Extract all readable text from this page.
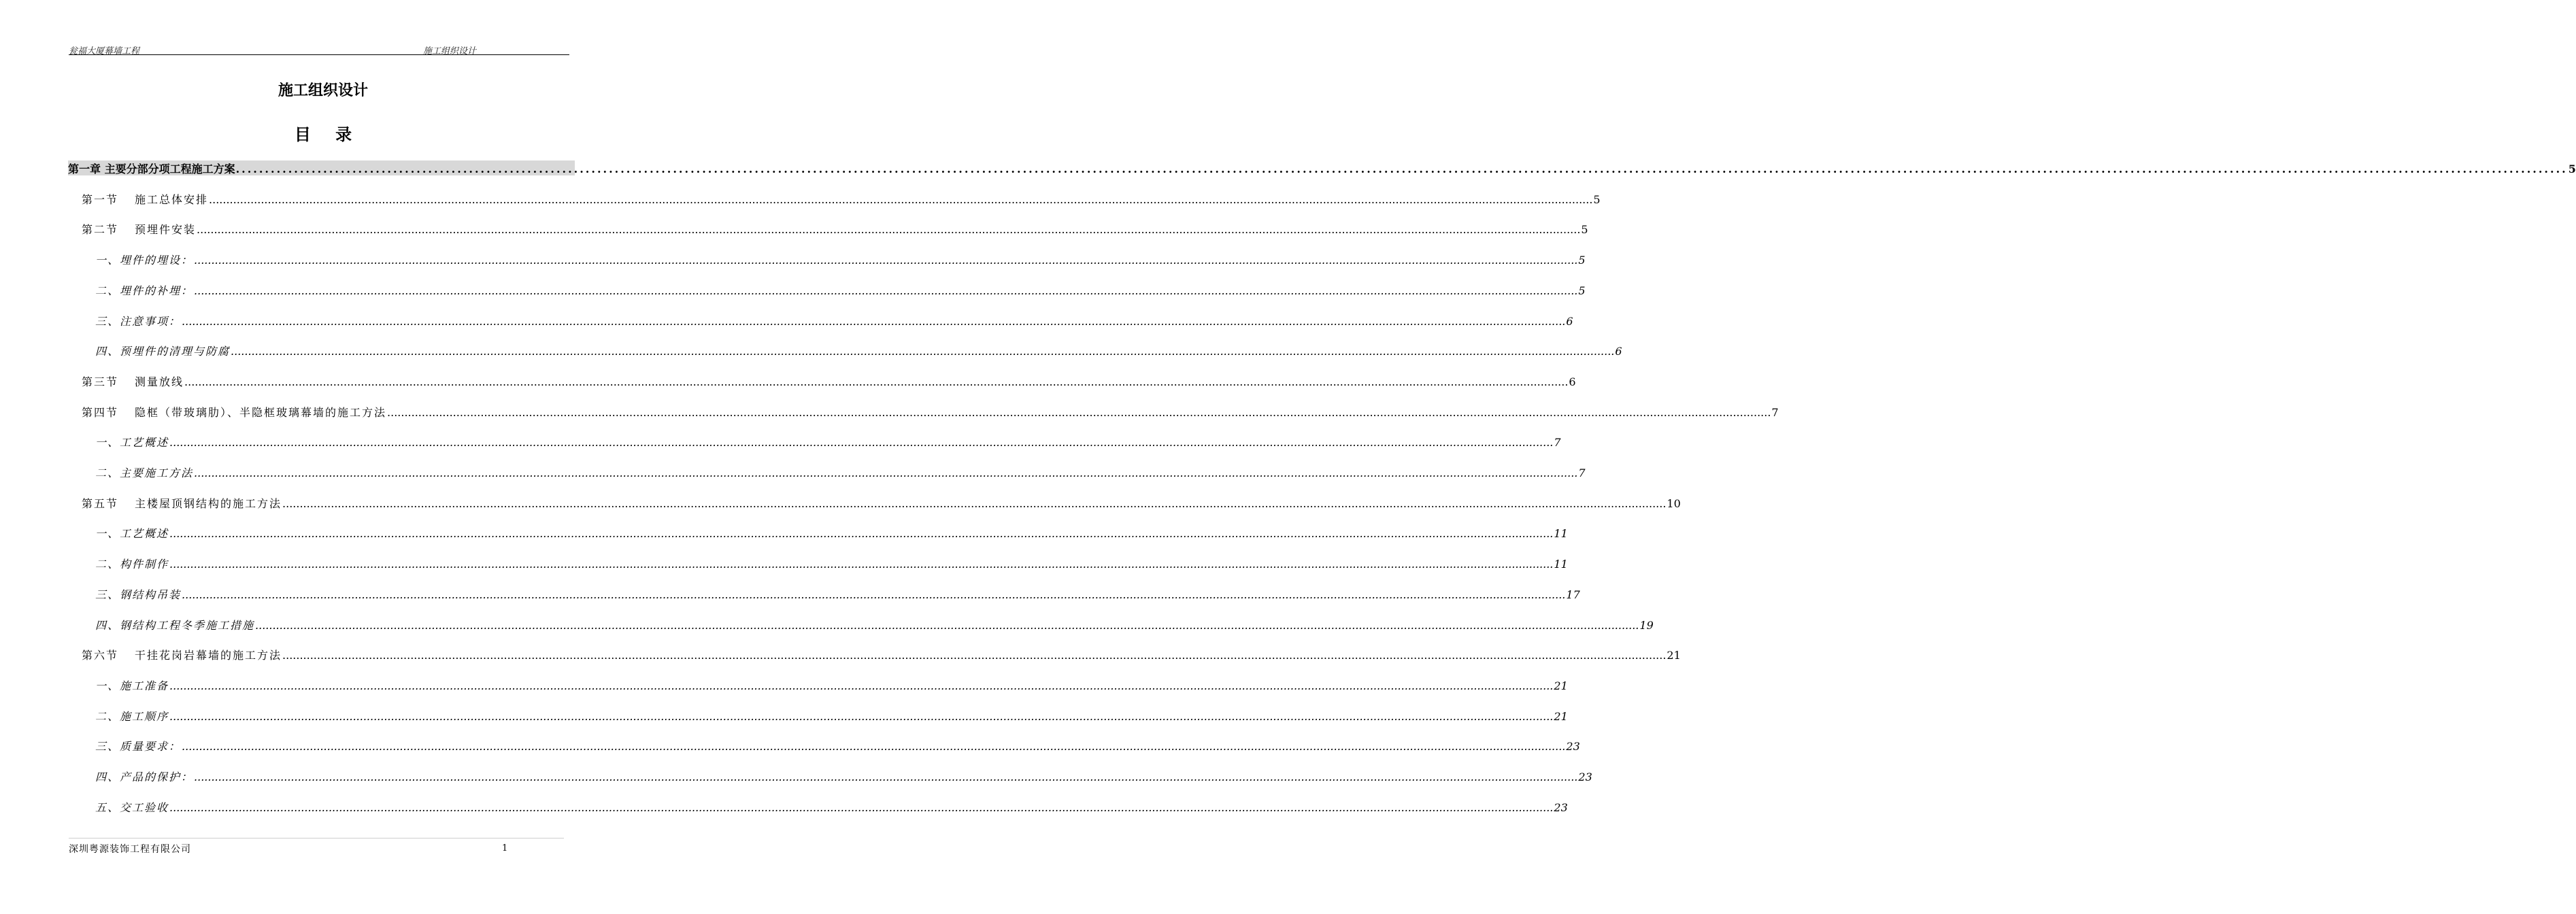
瓮福大厦幕墙工程	施工组织设计
施工组织设计
目 录
第一章 主要分部分项工程施工方案 ................................................................................................................................................................................................................................................................................................................................................................................................................ 5
第一节 施工总体安排 ................................................................................................................................................................................................................................................................................................................................................................................................................ 5
第二节 预埋件安装 ................................................................................................................................................................................................................................................................................................................................................................................................................ 5
一、埋件的埋设： ................................................................................................................................................................................................................................................................................................................................................................................................................ 5
二、埋件的补埋： ................................................................................................................................................................................................................................................................................................................................................................................................................ 5
三、注意事项： ................................................................................................................................................................................................................................................................................................................................................................................................................ 6
四、预埋件的清理与防腐 ................................................................................................................................................................................................................................................................................................................................................................................................................ 6
第三节 测量放线 ................................................................................................................................................................................................................................................................................................................................................................................................................ 6
第四节 隐框（带玻璃肋）、半隐框玻璃幕墙的施工方法 ................................................................................................................................................................................................................................................................................................................................................................................................................ 7
一、工艺概述 ................................................................................................................................................................................................................................................................................................................................................................................................................ 7
二、主要施工方法 ................................................................................................................................................................................................................................................................................................................................................................................................................ 7
第五节 主楼屋顶钢结构的施工方法 ................................................................................................................................................................................................................................................................................................................................................................................................................ 10
一、工艺概述 ................................................................................................................................................................................................................................................................................................................................................................................................................ 11
二、构件制作 ................................................................................................................................................................................................................................................................................................................................................................................................................ 11
三、钢结构吊装 ................................................................................................................................................................................................................................................................................................................................................................................................................ 17
四、钢结构工程冬季施工措施 ................................................................................................................................................................................................................................................................................................................................................................................................................ 19
第六节 干挂花岗岩幕墙的施工方法 ................................................................................................................................................................................................................................................................................................................................................................................................................ 21
一、施工准备 ................................................................................................................................................................................................................................................................................................................................................................................................................ 21
二、施工顺序 ................................................................................................................................................................................................................................................................................................................................................................................................................ 21
三、质量要求： ................................................................................................................................................................................................................................................................................................................................................................................................................ 23
四、产品的保护： ................................................................................................................................................................................................................................................................................................................................................................................................................ 23
五、交工验收 ................................................................................................................................................................................................................................................................................................................................................................................................................ 23
深圳粤源装饰工程有限公司	1
